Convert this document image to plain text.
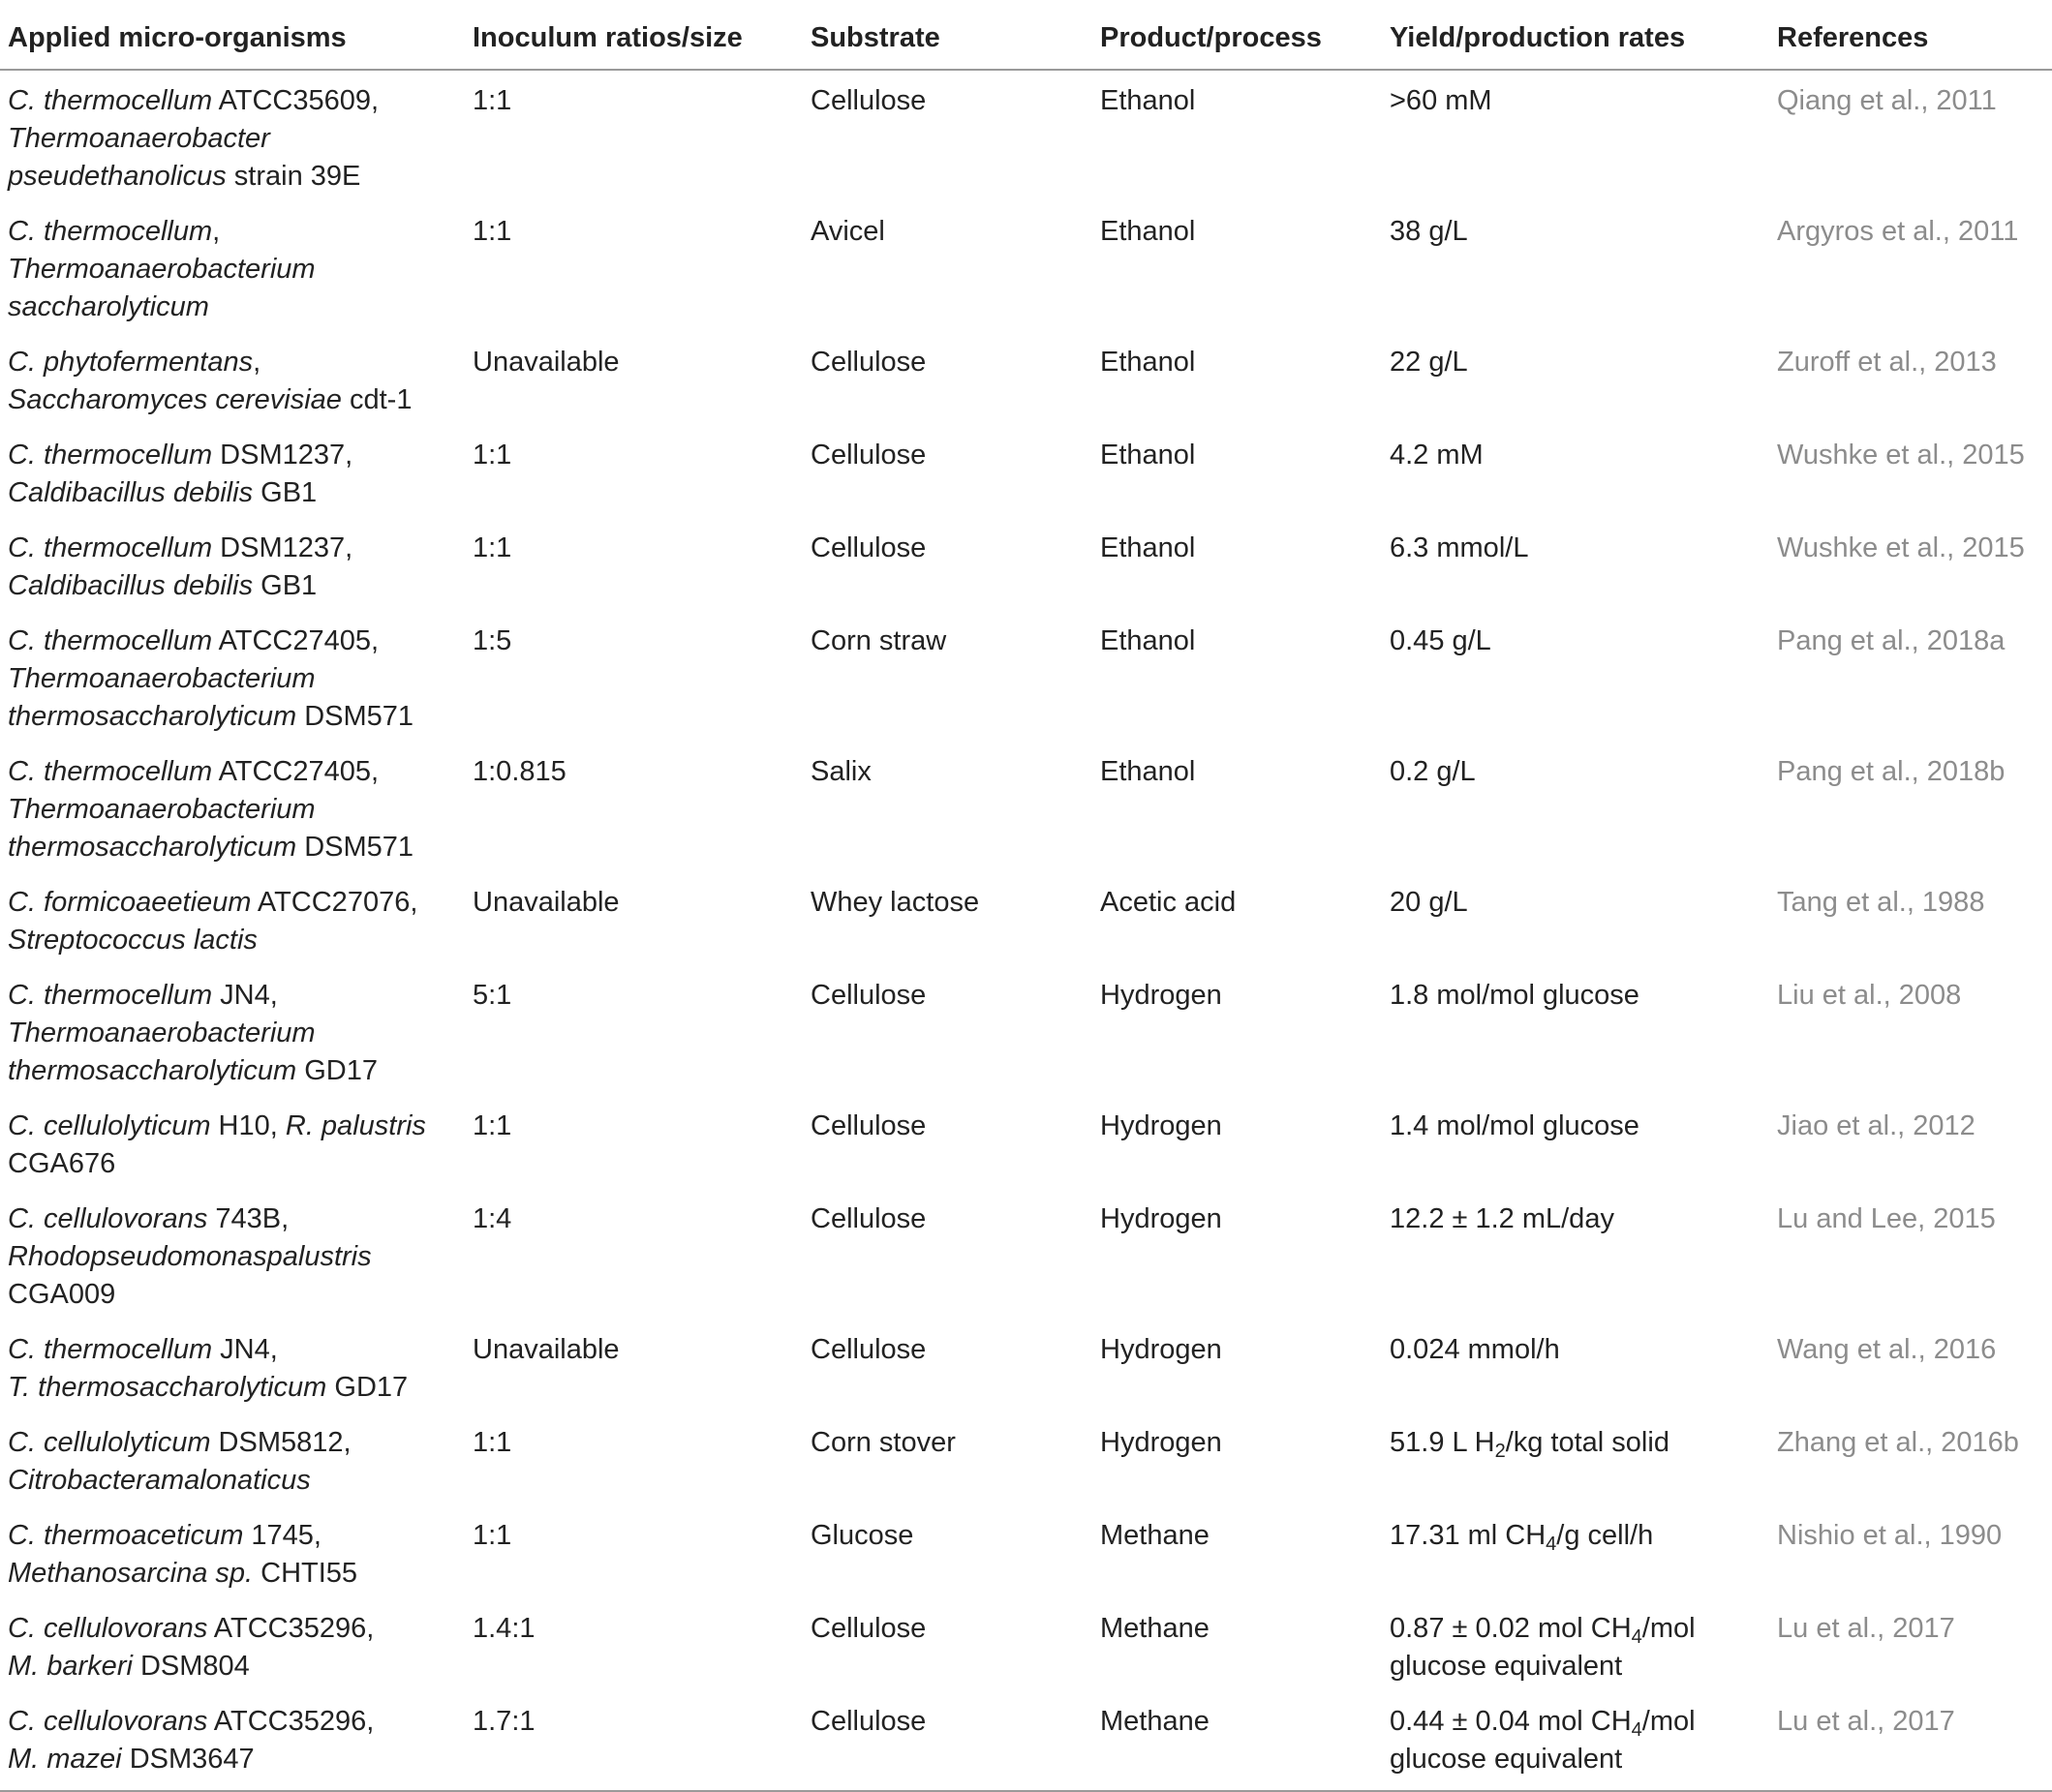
Applied micro-organisms	Inoculum ratios/size	Substrate	Product/process	Yield/production rates	References

C. thermocellum ATCC35609,
Thermoanaerobacter
pseudethanolicus strain 39E	1:1	Cellulose	Ethanol	>60 mM	Qiang et al., 2011

C. thermocellum,
Thermoanaerobacterium
saccharolyticum	1:1	Avicel	Ethanol	38 g/L	Argyros et al., 2011

C. phytofermentans,
Saccharomyces cerevisiae cdt-1	Unavailable	Cellulose	Ethanol	22 g/L	Zuroff et al., 2013

C. thermocellum DSM1237,
Caldibacillus debilis GB1	1:1	Cellulose	Ethanol	4.2 mM	Wushke et al., 2015

C. thermocellum DSM1237,
Caldibacillus debilis GB1	1:1	Cellulose	Ethanol	6.3 mmol/L	Wushke et al., 2015

C. thermocellum ATCC27405,
Thermoanaerobacterium
thermosaccharolyticum DSM571	1:5	Corn straw	Ethanol	0.45 g/L	Pang et al., 2018a

C. thermocellum ATCC27405,
Thermoanaerobacterium
thermosaccharolyticum DSM571	1:0.815	Salix	Ethanol	0.2 g/L	Pang et al., 2018b

C. formicoaeetieum ATCC27076,
Streptococcus lactis	Unavailable	Whey lactose	Acetic acid	20 g/L	Tang et al., 1988

C. thermocellum JN4,
Thermoanaerobacterium
thermosaccharolyticum GD17	5:1	Cellulose	Hydrogen	1.8 mol/mol glucose	Liu et al., 2008

C. cellulolyticum H10, R. palustris
CGA676	1:1	Cellulose	Hydrogen	1.4 mol/mol glucose	Jiao et al., 2012

C. cellulovorans 743B,
Rhodopseudomonaspalustris
CGA009	1:4	Cellulose	Hydrogen	12.2 ± 1.2 mL/day	Lu and Lee, 2015

C. thermocellum JN4,
T. thermosaccharolyticum GD17	Unavailable	Cellulose	Hydrogen	0.024 mmol/h	Wang et al., 2016

C. cellulolyticum DSM5812,
Citrobacteramalonaticus	1:1	Corn stover	Hydrogen	51.9 L $H_2/kg$ total solid	Zhang et al., 2016b

C. thermoaceticum 1745,
Methanosarcina sp. CHTI55	1:1	Glucose	Methane	17.31 ml $CH_4/g$ cell/h	Nishio et al., 1990

C. cellulovorans ATCC35296,
M. barkeri DSM804	1.4:1	Cellulose	Methane	0.87 ± 0.02 mol $CH_4$/mol
glucose equivalent	Lu et al., 2017

C. cellulovorans ATCC35296,
M. mazei DSM3647	1.7:1	Cellulose	Methane	0.44 ± 0.04 mol $CH_4$/mol
glucose equivalent	Lu et al., 2017
